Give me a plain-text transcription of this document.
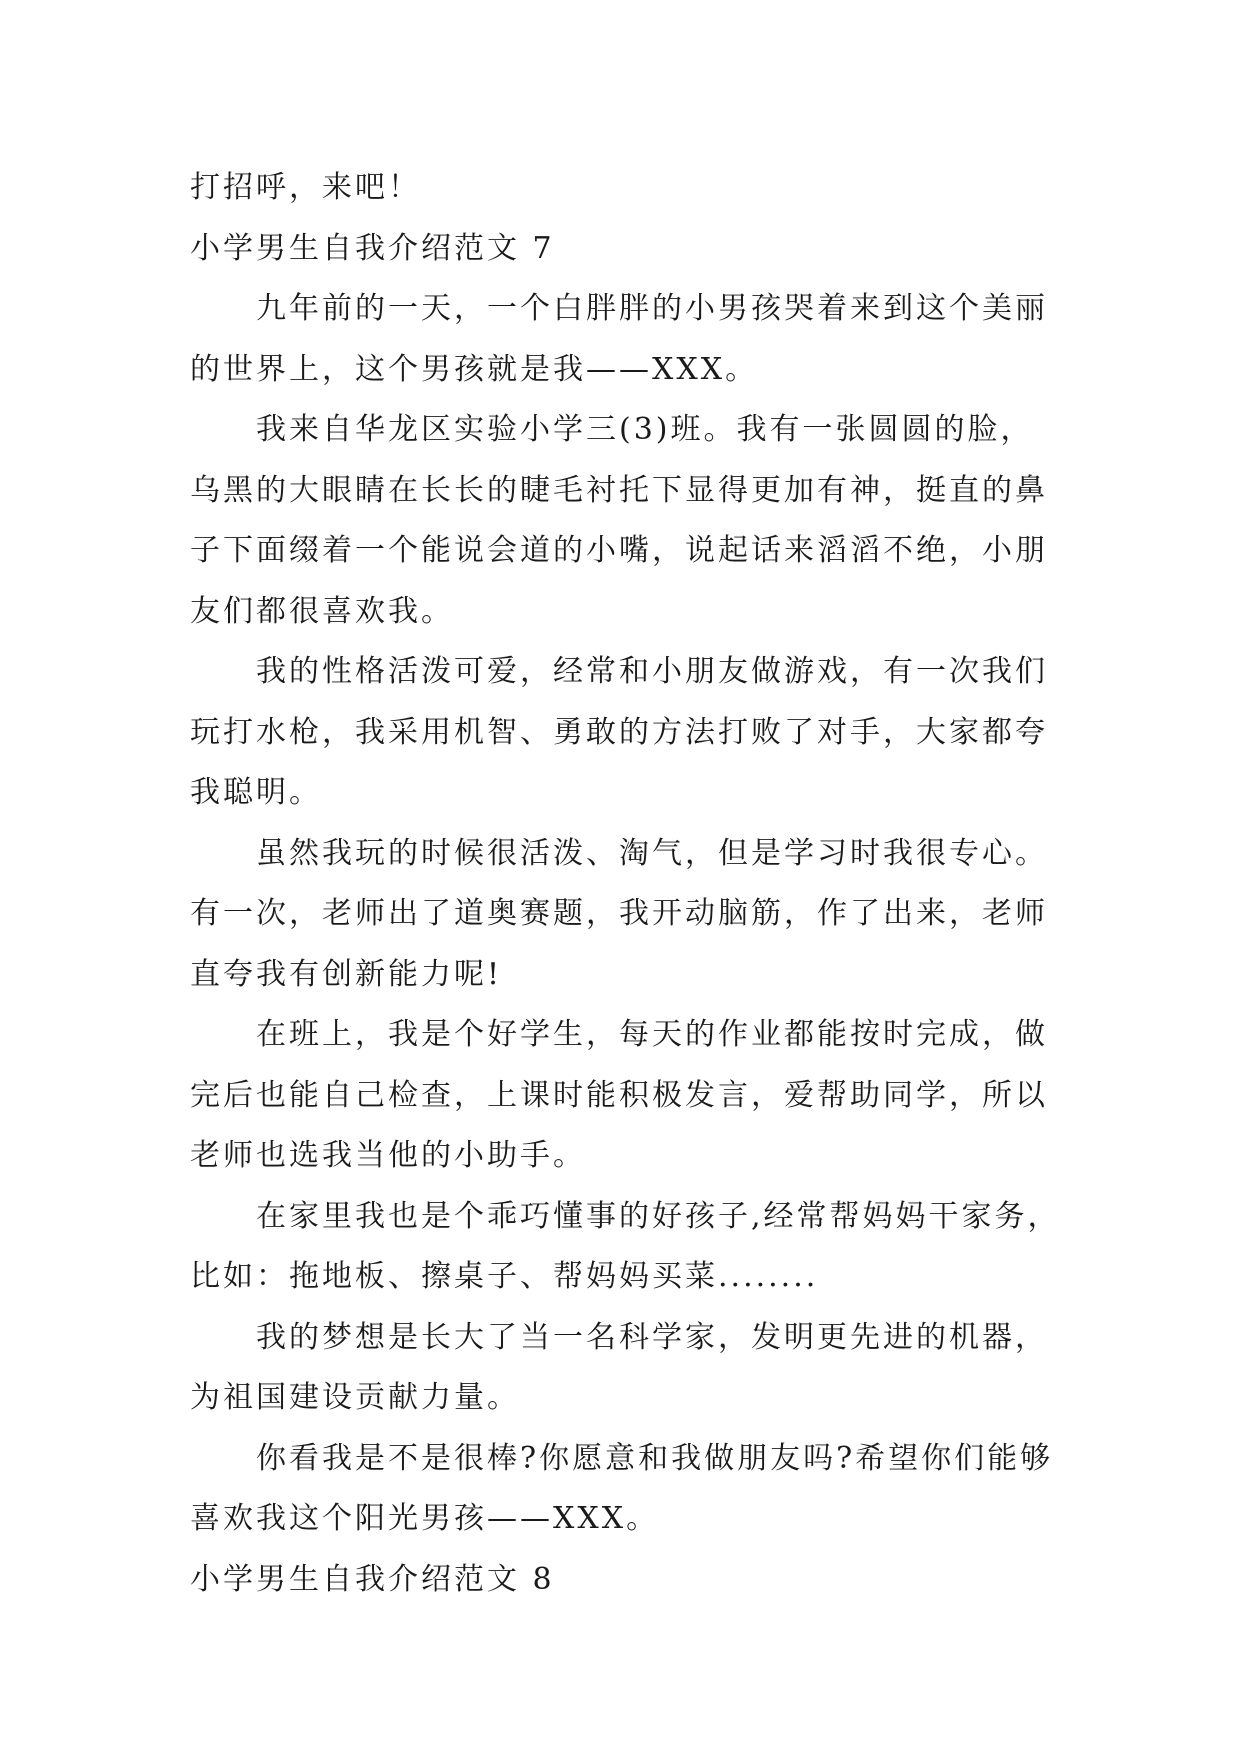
打招呼，来吧！
小学男生自我介绍范文 7
九年前的一天，一个白胖胖的小男孩哭着来到这个美丽
的世界上，这个男孩就是我——XXX。
我来自华龙区实验小学三(3)班。我有一张圆圆的脸，
乌黑的大眼睛在长长的睫毛衬托下显得更加有神，挺直的鼻
子下面缀着一个能说会道的小嘴，说起话来滔滔不绝，小朋
友们都很喜欢我。
我的性格活泼可爱，经常和小朋友做游戏，有一次我们
玩打水枪，我采用机智、勇敢的方法打败了对手，大家都夸
我聪明。
虽然我玩的时候很活泼、淘气，但是学习时我很专心。
有一次，老师出了道奥赛题，我开动脑筋，作了出来，老师
直夸我有创新能力呢!
在班上，我是个好学生，每天的作业都能按时完成，做
完后也能自己检查，上课时能积极发言，爱帮助同学，所以
老师也选我当他的小助手。
在家里我也是个乖巧懂事的好孩子,经常帮妈妈干家务，
比如：拖地板、擦桌子、帮妈妈买菜........
我的梦想是长大了当一名科学家，发明更先进的机器，
为祖国建设贡献力量。
你看我是不是很棒?你愿意和我做朋友吗?希望你们能够
喜欢我这个阳光男孩——XXX。
小学男生自我介绍范文 8
